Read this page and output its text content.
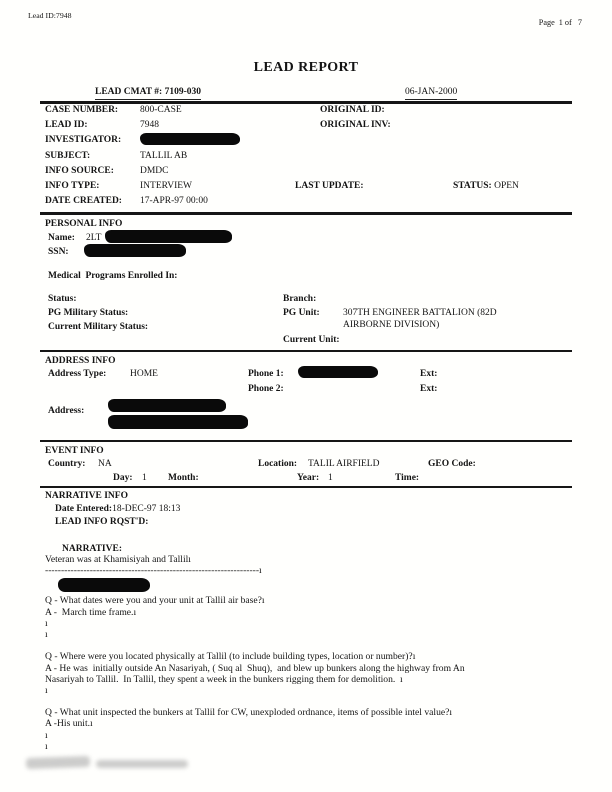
Lead ID:7948
Page  1 of   7
LEAD REPORT
LEAD CMAT #: 7109-030	06-JAN-2000
CASE NUMBER: 800-CASE	ORIGINAL ID:
LEAD ID:	7948	ORIGINAL INV:
INVESTIGATOR:
SUBJECT:	TALLIL AB
INFO SOURCE:	DMDC
INFO TYPE:	INTERVIEW	LAST UPDATE:	STATUS: OPEN
DATE CREATED: 17-APR-97 00:00
PERSONAL INFO
Name: 2LT
SSN:
Medical  Programs Enrolled In:
Status:	Branch:
PG Military Status:	PG Unit: 307TH ENGINEER BATTALION (82D
Current Military Status:	AIRBORNE DIVISION)
Current Unit:
ADDRESS INFO
Address Type: HOME	Phone 1:	Ext:
Phone 2:	Ext:
Address:
EVENT INFO
Country: NA	Location: TALIL AIRFIELD	GEO Code:
Day: 1 Month:	Year: 1	Time:
NARRATIVE INFO
Date Entered:18-DEC-97 18:13
LEAD INFO RQST'D:
NARRATIVE:
Veteran was at Khamisiyah and Tallilı
-------------------------------------------------------------------ı
Q - What dates were you and your unit at Tallil air base?ı
A -  March time frame.ı
ı
ı
Q - Where were you located physically at Tallil (to include building types, location or number)?ı
A - He was  initially outside An Nasariyah, ( Suq al  Shuq),  and blew up bunkers along the highway from An
Nasariyah to Tallil.  In Tallil, they spent a week in the bunkers rigging them for demolition.  ı
ı
Q - What unit inspected the bunkers at Tallil for CW, unexploded ordnance, items of possible intel value?ı
A -His unit.ı
ı
ı
